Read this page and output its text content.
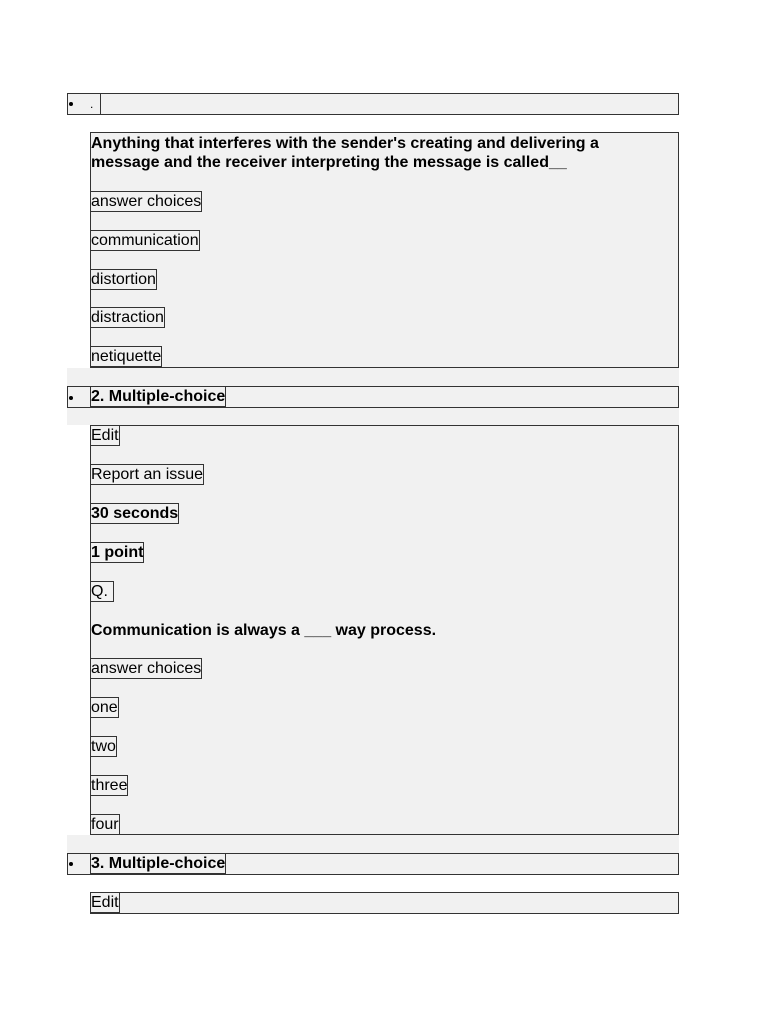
.
Anything that interferes with the sender's creating and delivering a message and the receiver interpreting the message is called__
answer choices
communication
distortion
distraction
netiquette
2. Multiple-choice
Edit
Report an issue
30 seconds
1 point
Q.
Communication is always a ___ way process.
answer choices
one
two
three
four
3. Multiple-choice
Edit
